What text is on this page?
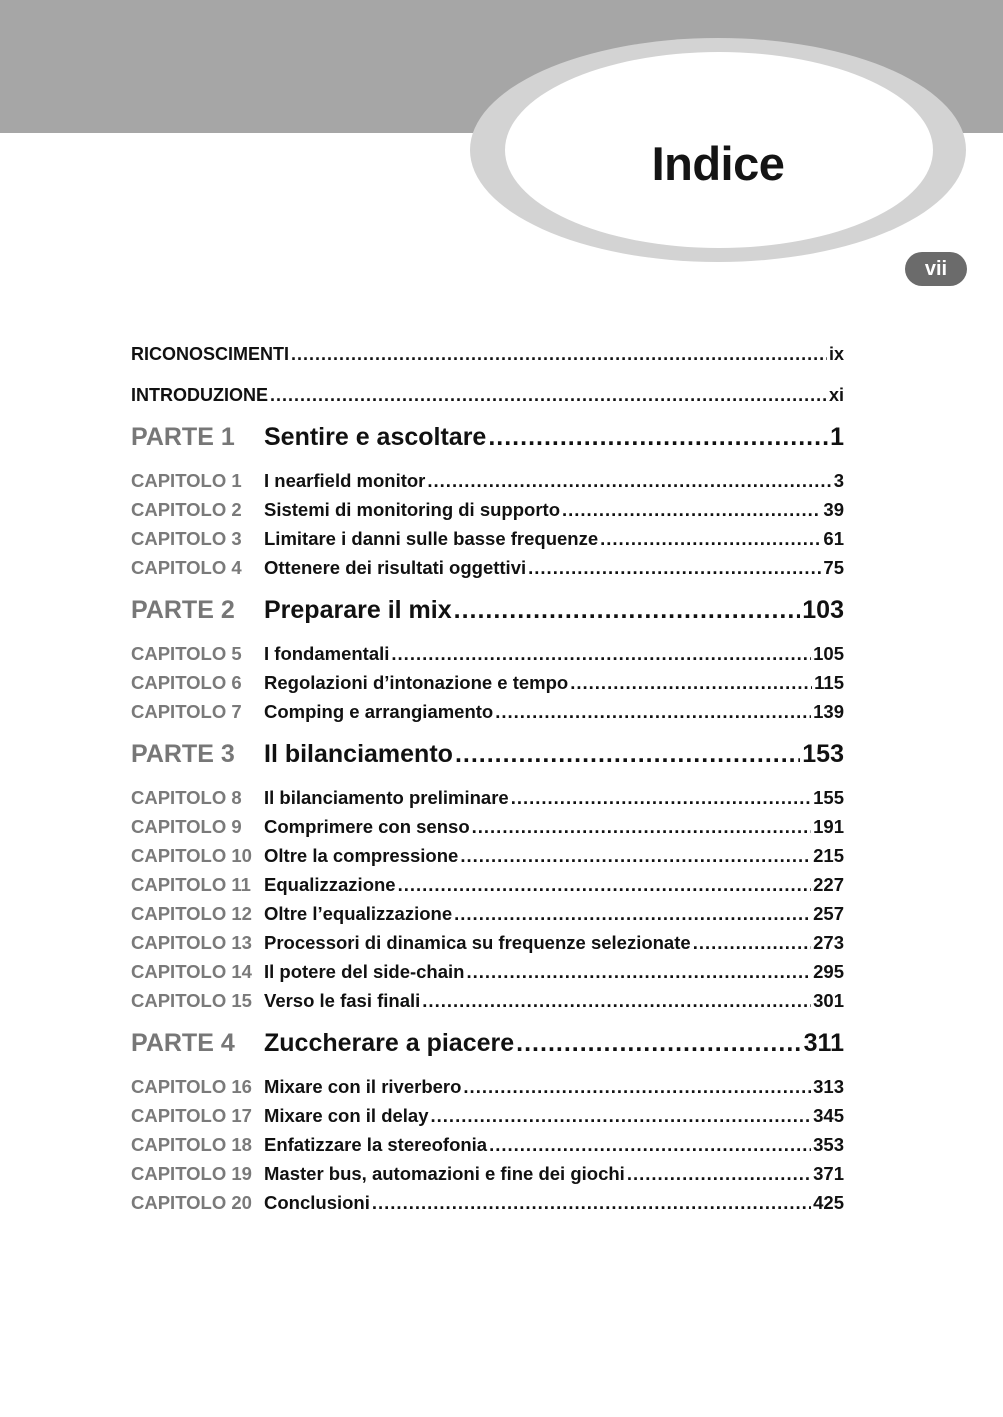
Indice
vii
RICONOSCIMENTI .....	ix
INTRODUZIONE .....	xi
PARTE 1	Sentire e ascoltare .....	1
CAPITOLO 1	I nearfield monitor .....	3
CAPITOLO 2	Sistemi di monitoring di supporto .....	39
CAPITOLO 3	Limitare i danni sulle basse frequenze .....	61
CAPITOLO 4	Ottenere dei risultati oggettivi .....	75
PARTE 2	Preparare il mix .....	103
CAPITOLO 5	I fondamentali .....	105
CAPITOLO 6	Regolazioni d’intonazione e tempo .....	115
CAPITOLO 7	Comping e arrangiamento .....	139
PARTE 3	Il bilanciamento .....	153
CAPITOLO 8	Il bilanciamento preliminare .....	155
CAPITOLO 9	Comprimere con senso .....	191
CAPITOLO 10 Oltre la compressione .....	215
CAPITOLO 11 Equalizzazione .....	227
CAPITOLO 12 Oltre l’equalizzazione .....	257
CAPITOLO 13 Processori di dinamica su frequenze selezionate .....	273
CAPITOLO 14 Il potere del side-chain .....	295
CAPITOLO 15 Verso le fasi finali .....	301
PARTE 4	Zuccherare a piacere .....	311
CAPITOLO 16 Mixare con il riverbero .....	313
CAPITOLO 17 Mixare con il delay .....	345
CAPITOLO 18 Enfatizzare la stereofonia .....	353
CAPITOLO 19 Master bus, automazioni e fine dei giochi .....	371
CAPITOLO 20 Conclusioni .....	425
